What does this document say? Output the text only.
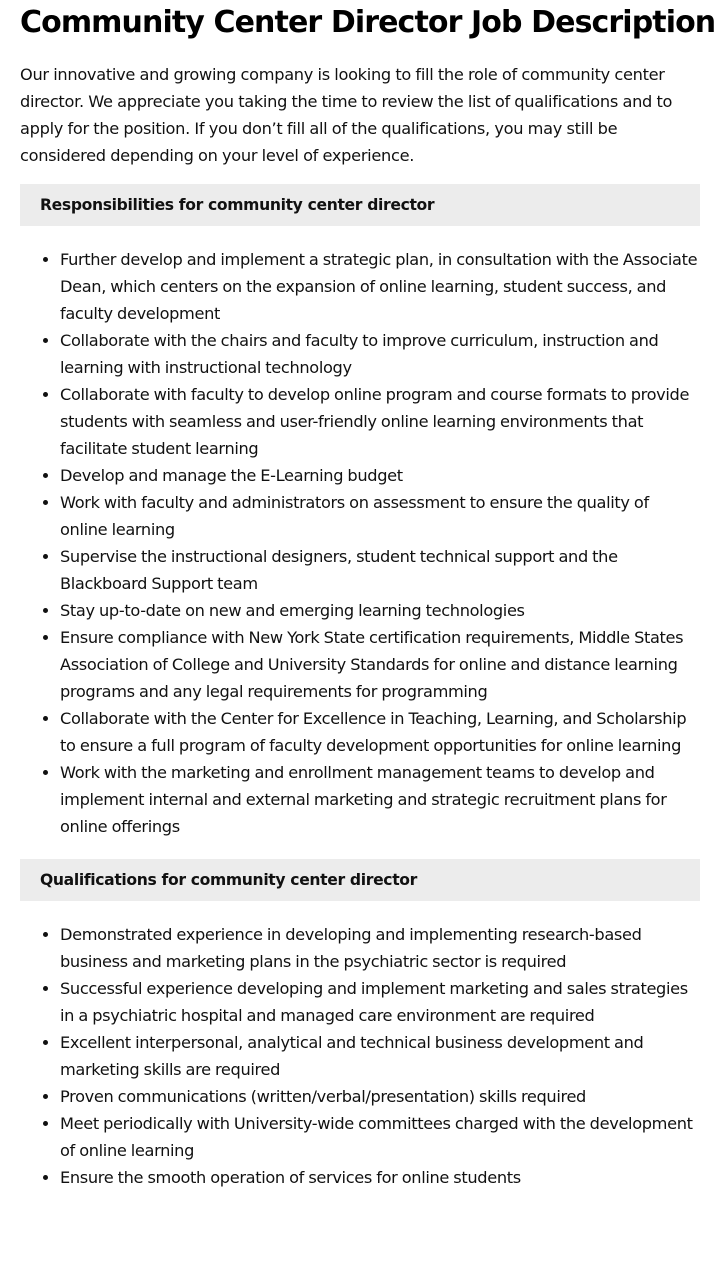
Community Center Director Job Description

Our innovative and growing company is looking to fill the role of community center director. We appreciate you taking the time to review the list of qualifications and to apply for the position. If you don’t fill all of the qualifications, you may still be considered depending on your level of experience.

Responsibilities for community center director
• Further develop and implement a strategic plan, in consultation with the Associate Dean, which centers on the expansion of online learning, student success, and faculty development
• Collaborate with the chairs and faculty to improve curriculum, instruction and learning with instructional technology
• Collaborate with faculty to develop online program and course formats to provide students with seamless and user-friendly online learning environments that facilitate student learning
• Develop and manage the E-Learning budget
• Work with faculty and administrators on assessment to ensure the quality of online learning
• Supervise the instructional designers, student technical support and the Blackboard Support team
• Stay up-to-date on new and emerging learning technologies
• Ensure compliance with New York State certification requirements, Middle States Association of College and University Standards for online and distance learning programs and any legal requirements for programming
• Collaborate with the Center for Excellence in Teaching, Learning, and Scholarship to ensure a full program of faculty development opportunities for online learning
• Work with the marketing and enrollment management teams to develop and implement internal and external marketing and strategic recruitment plans for online offerings
Qualifications for community center director
• Demonstrated experience in developing and implementing research-based business and marketing plans in the psychiatric sector is required
• Successful experience developing and implement marketing and sales strategies in a psychiatric hospital and managed care environment are required
• Excellent interpersonal, analytical and technical business development and marketing skills are required
• Proven communications (written/verbal/presentation) skills required
• Meet periodically with University-wide committees charged with the development of online learning
• Ensure the smooth operation of services for online students
